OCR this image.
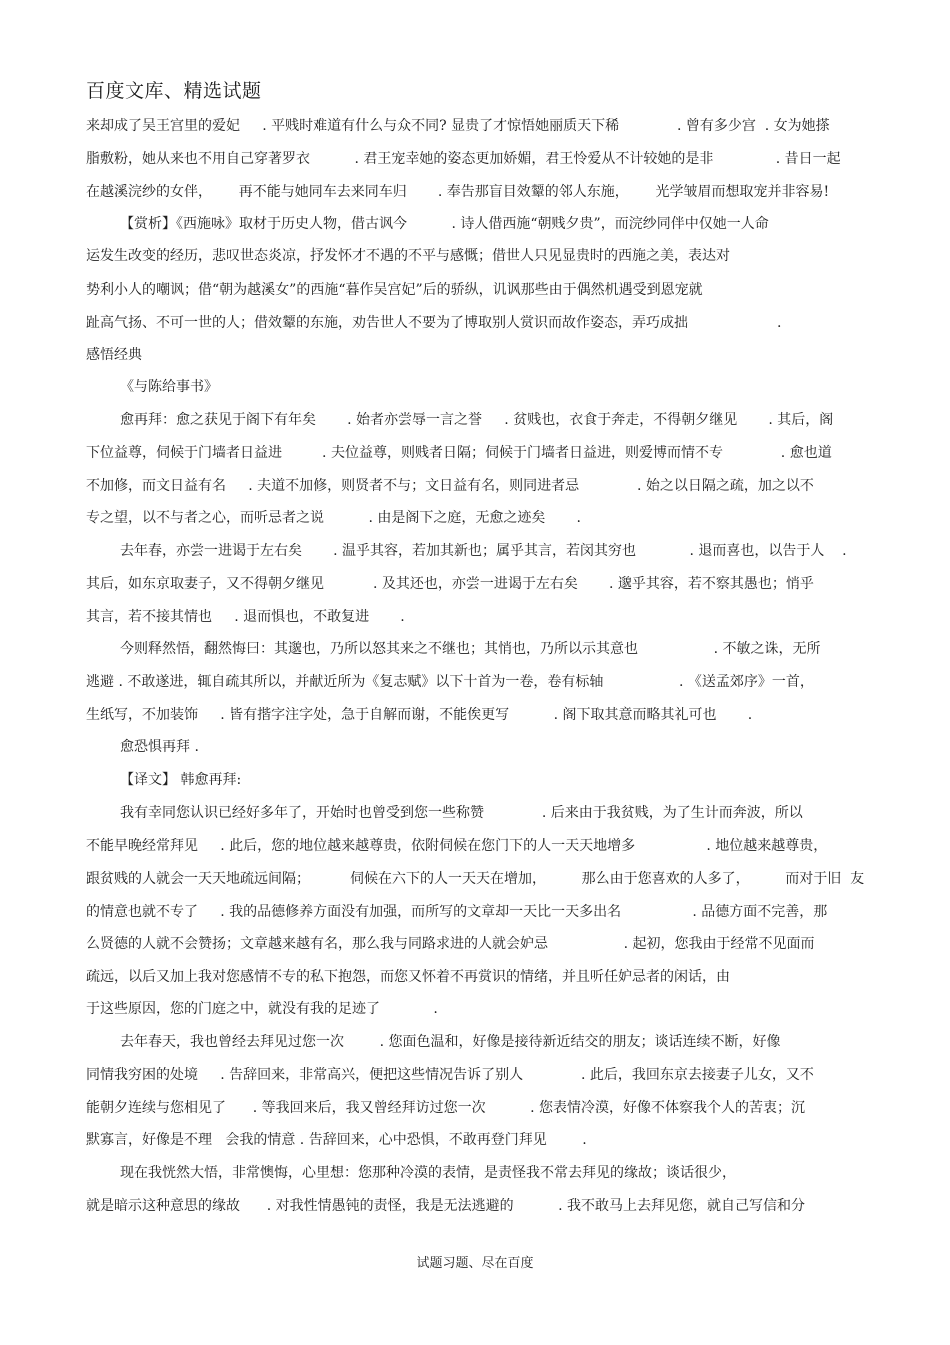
百度文库、精选试题
来却成了吴王宫里的爱妃     . 平贱时难道有什么与众不同? 显贵了才惊悟她丽质天下稀             . 曾有多少宫  . 女为她搽
脂敷粉，她从来也不用自己穿著罗衣          . 君王宠幸她的姿态更加娇媚，君王怜爱从不计较她的是非              . 昔日一起
在越溪浣纱的女伴，      再不能与她同车去来同车归       . 奉告那盲目效颦的邻人东施，      光学皱眉而想取宠并非容易!
【赏析】《西施咏》取材于历史人物，借古讽今          . 诗人借西施“朝贱夕贵”，而浣纱同伴中仅她一人命
运发生改变的经历，悲叹世态炎凉，抒发怀才不遇的不平与感慨；借世人只见显贵时的西施之美，表达对
势利小人的嘲讽；借“朝为越溪女”的西施“暮作吴宫妃”后的骄纵，讥讽那些由于偶然机遇受到恩宠就
趾高气扬、不可一世的人；借效颦的东施，劝告世人不要为了博取别人赏识而故作姿态，弄巧成拙                    .
感悟经典
《与陈给事书》
愈再拜：愈之获见于阁下有年矣       . 始者亦尝辱一言之誉     . 贫贱也，衣食于奔走，不得朝夕继见       . 其后，阁
下位益尊，伺候于门墙者日益进         . 夫位益尊，则贱者日隔；伺候于门墙者日益进，则爱博而情不专             . 愈也道
不加修，而文日益有名     . 夫道不加修，则贤者不与；文日益有名，则同进者忌             . 始之以日隔之疏，加之以不
专之望，以不与者之心，而听忌者之说          . 由是阁下之庭，无愈之迹矣       .
去年春，亦尝一进谒于左右矣       . 温乎其容，若加其新也；属乎其言，若闵其穷也            . 退而喜也，以告于人    .
其后，如东京取妻子，又不得朝夕继见           . 及其还也，亦尝一进谒于左右矣       . 邈乎其容，若不察其愚也；悄乎
其言，若不接其情也     . 退而惧也，不敢复进       .
今则释然悟，翻然悔曰：其邈也，乃所以怒其来之不继也；其悄也，乃所以示其意也                 . 不敏之诛，无所
逃避 . 不敢遂进，辄自疏其所以，并献近所为《复志赋》以下十首为一卷，卷有标轴                 . 《送孟郊序》一首，
生纸写，不加装饰     . 皆有揩字注字处，急于自解而谢，不能俟更写          . 阁下取其意而略其礼可也       .
愈恐惧再拜 .
【译文】 韩愈再拜:
我有幸同您认识已经好多年了，开始时也曾受到您一些称赞             . 后来由于我贫贱，为了生计而奔波，所以
不能早晚经常拜见     . 此后，您的地位越来越尊贵，依附伺候在您门下的人一天天地增多                . 地位越来越尊贵，
跟贫贱的人就会一天天地疏远间隔；         伺候在六下的人一天天在增加，        那么由于您喜欢的人多了，        而对于旧  友
的情意也就不专了     . 我的品德修养方面没有加强，而所写的文章却一天比一天多出名                . 品德方面不完善，那
么贤德的人就不会赞扬；文章越来越有名，那么我与同路求进的人就会妒忌                 . 起初，您我由于经常不见面而
疏远，以后又加上我对您感情不专的私下抱怨，而您又怀着不再赏识的情绪，并且听任妒忌者的闲话，由
于这些原因，您的门庭之中，就没有我的足迹了            .
去年春天，我也曾经去拜见过您一次        . 您面色温和，好像是接待新近结交的朋友；谈话连续不断，好像
同情我穷困的处境     . 告辞回来，非常高兴，便把这些情况告诉了别人             . 此后，我回东京去接妻子儿女，又不
能朝夕连续与您相见了      . 等我回来后，我又曾经拜访过您一次          . 您表情冷漠，好像不体察我个人的苦衷；沉
默寡言，好像是不理   会我的情意 . 告辞回来，心中恐惧，不敢再登门拜见        .
现在我恍然大悟，非常懊悔，心里想：您那种冷漠的表情，是责怪我不常去拜见的缘故；谈话很少，
就是暗示这种意思的缘故      . 对我性情愚钝的责怪，我是无法逃避的          . 我不敢马上去拜见您，就自己写信和分
试题习题、尽在百度
